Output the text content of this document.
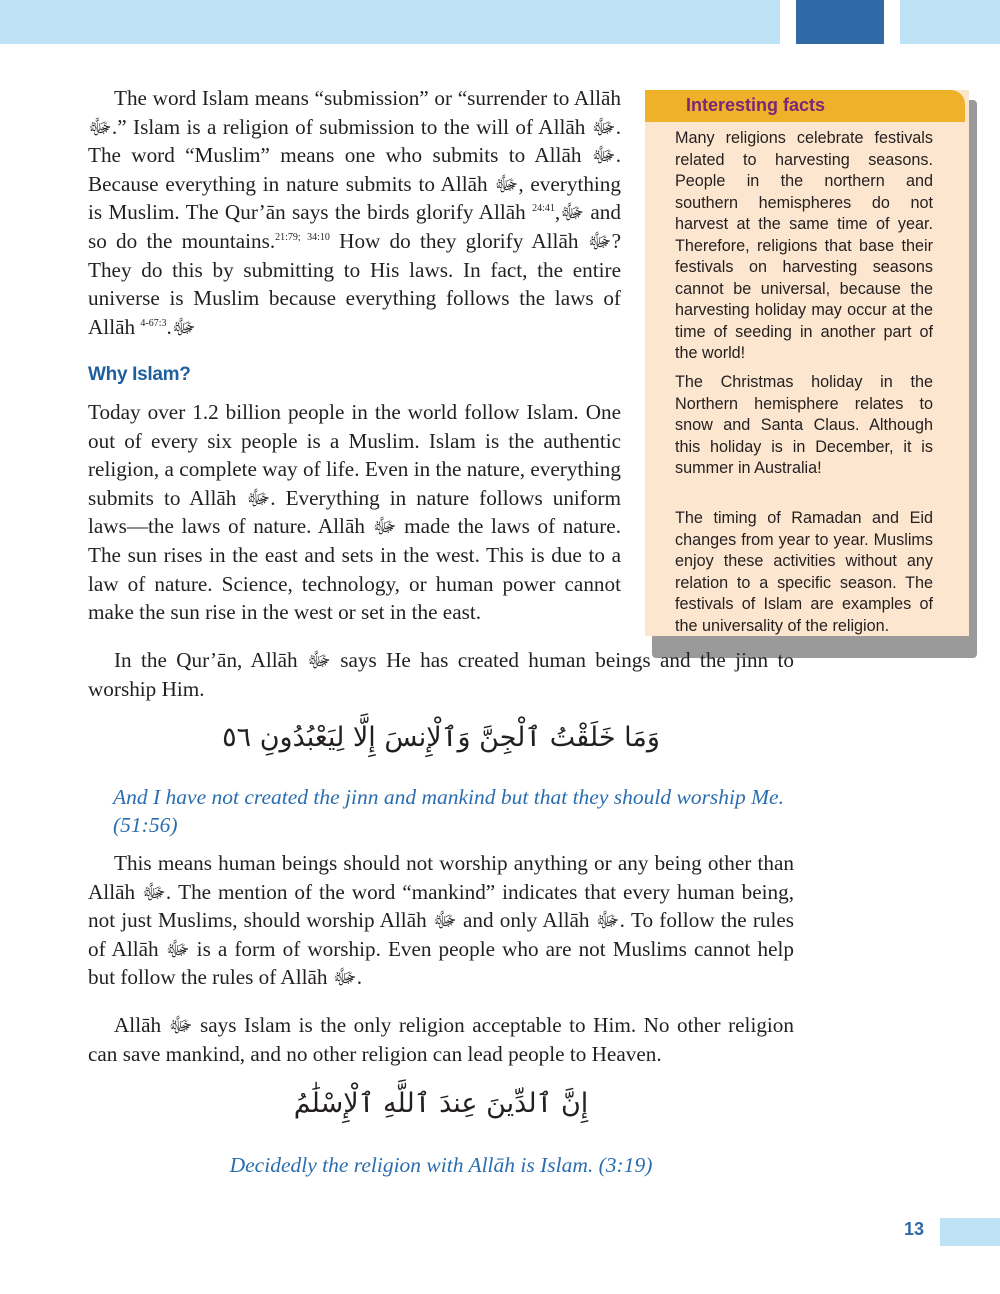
The word Islam means “submission” or “surrender to Allāh ﷻ.” Islam is a religion of submission to the will of Allāh ﷻ. The word “Muslim” means one who submits to Allāh ﷻ. Because everything in nature submits to Allāh ﷻ, everything is Muslim. The Qur’ān says the birds glorify Allāh ﷻ,$^{24:41}$ and so do the mountains.$^{21:79; 34:10}$ How do they glorify Allāh ﷻ? They do this by submitting to His laws. In fact, the entire universe is Muslim because everything follows the laws of Allāh ﷻ.$^{67:3-4}$

Why Islam?

Today over 1.2 billion people in the world follow Islam. One out of every six people is a Muslim. Islam is the authentic religion, a complete way of life. Even in the nature, everything submits to Allāh ﷻ. Everything in nature follows uniform laws—the laws of nature. Allāh ﷻ made the laws of nature. The sun rises in the east and sets in the west. This is due to a law of nature. Science, technology, or human power cannot make the sun rise in the west or set in the east.

Interesting facts

Many religions celebrate festivals related to harvesting seasons. People in the northern and southern hemispheres do not harvest at the same time of year. Therefore, religions that base their festivals on harvesting seasons cannot be universal, because the harvesting holiday may occur at the time of seeding in another part of the world!

The Christmas holiday in the Northern hemisphere relates to snow and Santa Claus. Although this holiday is in December, it is summer in Australia!

The timing of Ramadan and Eid changes from year to year. Muslims enjoy these activities without any relation to a specific season. The festivals of Islam are examples of the universality of the religion.

In the Qur’ān, Allāh ﷻ says He has created human beings and the jinn to worship Him.

وَمَا خَلَقْتُ ٱلْجِنَّ وَٱلْإِنسَ إِلَّا لِيَعْبُدُونِ ٥٦

And I have not created the jinn and mankind but that they should worship Me. (51:56)

This means human beings should not worship anything or any being other than Allāh ﷻ. The mention of the word “mankind” indicates that every human being, not just Muslims, should worship Allāh ﷻ and only Allāh ﷻ. To follow the rules of Allāh ﷻ is a form of worship. Even people who are not Muslims cannot help but follow the rules of Allāh ﷻ.

Allāh ﷻ says Islam is the only religion acceptable to Him. No other religion can save mankind, and no other religion can lead people to Heaven.

إِنَّ ٱلدِّينَ عِندَ ٱللَّهِ ٱلْإِسْلَٰمُ

Decidedly the religion with Allāh is Islam. (3:19)

13
